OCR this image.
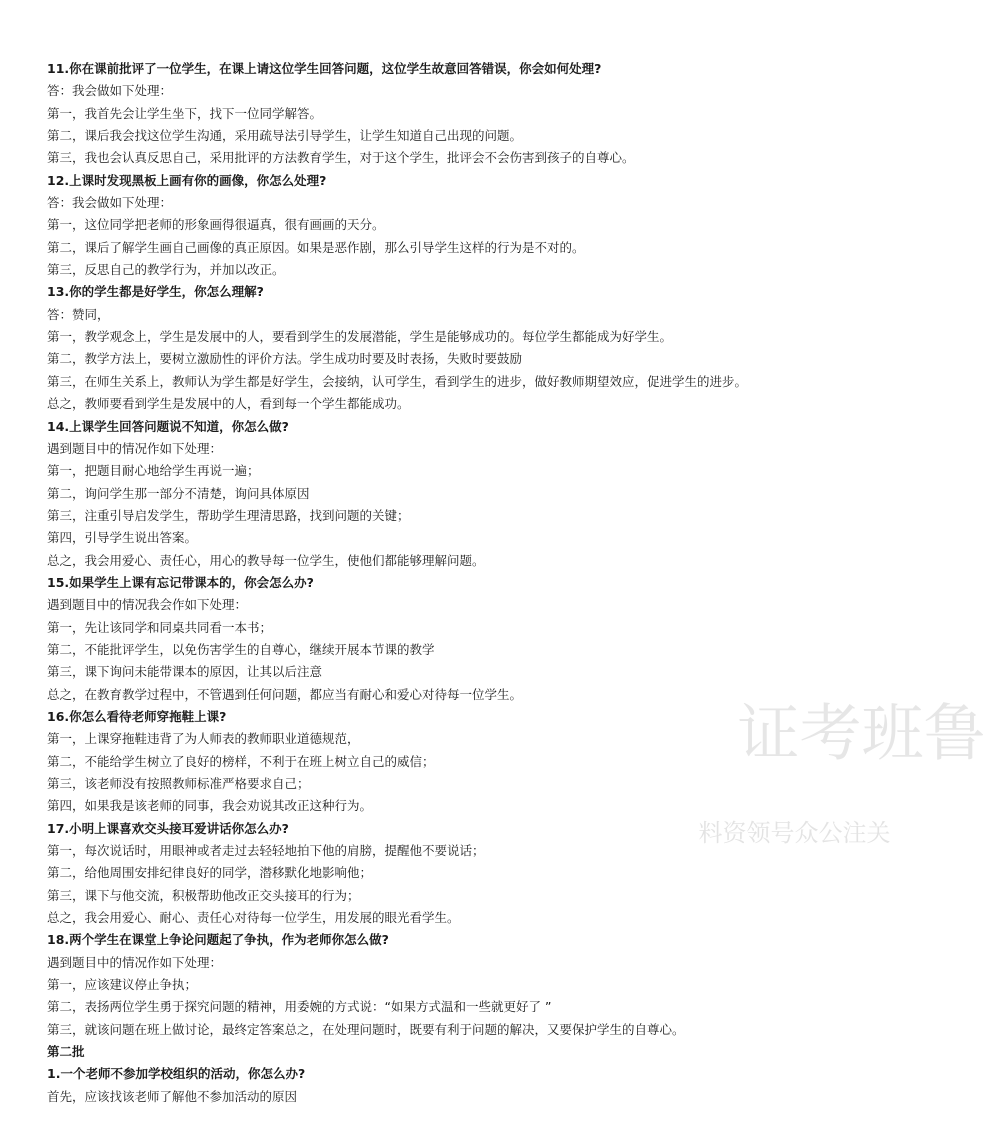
11.你在课前批评了一位学生，在课上请这位学生回答问题，这位学生故意回答错误，你会如何处理?
答：我会做如下处理：
第一，我首先会让学生坐下，找下一位同学解答。
第二，课后我会找这位学生沟通，采用疏导法引导学生，让学生知道自己出现的问题。
第三，我也会认真反思自己，采用批评的方法教育学生，对于这个学生，批评会不会伤害到孩子的自尊心。
12.上课时发现黑板上画有你的画像，你怎么处理?
答：我会做如下处理：
第一，这位同学把老师的形象画得很逼真，很有画画的天分。
第二，课后了解学生画自己画像的真正原因。如果是恶作剧，那么引导学生这样的行为是不对的。
第三，反思自己的教学行为，并加以改正。
13.你的学生都是好学生，你怎么理解?
答：赞同，
第一，教学观念上，学生是发展中的人，要看到学生的发展潜能，学生是能够成功的。每位学生都能成为好学生。
第二，教学方法上，要树立激励性的评价方法。学生成功时要及时表扬，失败时要鼓励
第三，在师生关系上，教师认为学生都是好学生，会接纳，认可学生，看到学生的进步，做好教师期望效应，促进学生的进步。
总之，教师要看到学生是发展中的人，看到每一个学生都能成功。
14.上课学生回答问题说不知道，你怎么做?
遇到题目中的情况作如下处理：
第一，把题目耐心地给学生再说一遍；
第二，询问学生那一部分不清楚，询问具体原因
第三，注重引导启发学生，帮助学生理清思路，找到问题的关键；
第四，引导学生说出答案。
总之，我会用爱心、责任心，用心的教导每一位学生，使他们都能够理解问题。
15.如果学生上课有忘记带课本的，你会怎么办?
遇到题目中的情况我会作如下处理：
第一，先让该同学和同桌共同看一本书；
第二，不能批评学生，以免伤害学生的自尊心，继续开展本节课的教学
第三，课下询问未能带课本的原因，让其以后注意
总之，在教育教学过程中，不管遇到任何问题，都应当有耐心和爱心对待每一位学生。
16.你怎么看待老师穿拖鞋上课?
第一，上课穿拖鞋违背了为人师表的教师职业道德规范，
第二，不能给学生树立了良好的榜样，不利于在班上树立自己的威信；
第三，该老师没有按照教师标准严格要求自己；
第四，如果我是该老师的同事，我会劝说其改正这种行为。
17.小明上课喜欢交头接耳爱讲话你怎么办?
第一，每次说话时，用眼神或者走过去轻轻地拍下他的肩膀，提醒他不要说话；
第二，给他周围安排纪律良好的同学，潜移默化地影响他；
第三，课下与他交流，积极帮助他改正交头接耳的行为；
总之，我会用爱心、耐心、责任心对待每一位学生，用发展的眼光看学生。
18.两个学生在课堂上争论问题起了争执，作为老师你怎么做?
遇到题目中的情况作如下处理：
第一，应该建议停止争执；
第二，表扬两位学生勇于探究问题的精神，用委婉的方式说：“如果方式温和一些就更好了 ”
第三，就该问题在班上做讨论，最终定答案总之，在处理问题时，既要有利于问题的解决，又要保护学生的自尊心。
第二批
1.一个老师不参加学校组织的活动，你怎么办?
首先，应该找该老师了解他不参加活动的原因
鲁
班
考
证
关
注
公
众
号
领
资
料
